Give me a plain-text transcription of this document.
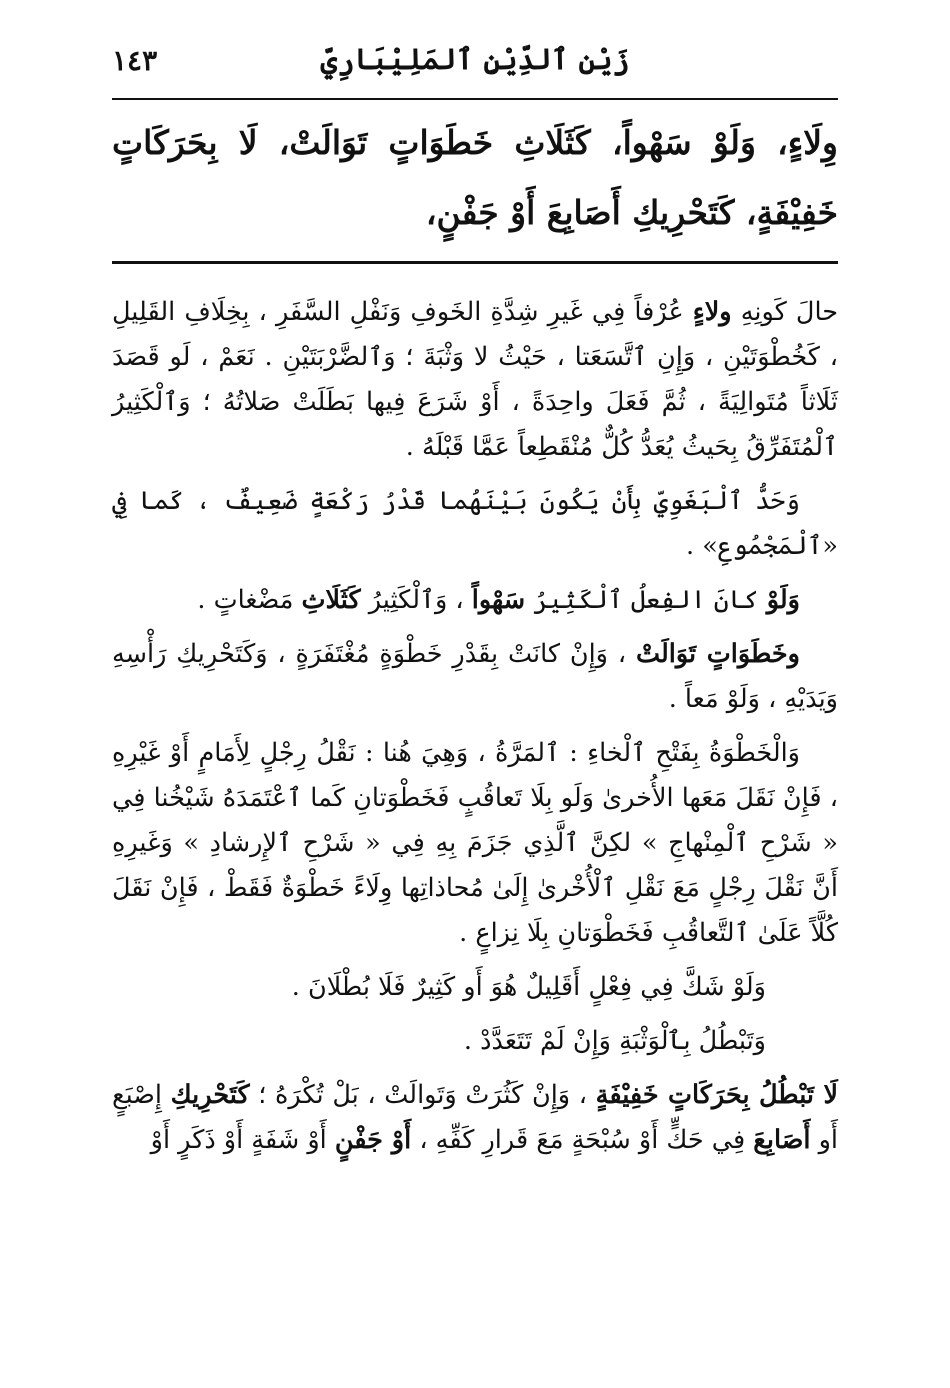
١٤٣	زَيْن ٱلدِّيْنِ ٱلمَلِيْبَارِيّ
وِلَاءٍ، وَلَوْ سَهْواً، كَثَلَاثِ خَطَوَاتٍ تَوَالَتْ، لَا بِحَرَكَاتٍ خَفِيْفَةٍ، كَتَحْرِيكِ أَصَابِعَ أَوْ جَفْنٍ،

حالَ كَونِهِ ولاءٍ عُرْفاً فِي غَيرِ شِدَّةِ الخَوفِ وَنَفْلِ السَّفَرِ ، بِخِلَافِ القَلِيلِ ، كَخُطْوَتَيْنِ ، وَإِنِ ٱتَّسَعَتا ، حَيْثُ لا وَثْبَةَ ؛ وَٱلضَّرْبَتَيْنِ . نَعَمْ ، لَو قَصَدَ ثَلَاثاً مُتَوالِيَةً ، ثُمَّ فَعَلَ واحِدَةً ، أَوْ شَرَعَ فِيها بَطَلَتْ صَلاتُهُ ؛ وَٱلْكَثِيرُ ٱلْمُتَفَرِّقُ بِحَيثُ يُعَدُّ كُلٌّ مُنْقَطِعاً عَمَّا قَبْلَهُ .

وَحَدُّ ٱلْبَغَوِيِّ بِأَنْ يَكُونَ بَيْنَهُما قَدْرُ رَكْعَةٍ ضَعِيفٌ ، كَما فِي «ٱلْمَجْمُوعِ» .

وَلَوْ كانَ الفِعلُ ٱلْكَثِيرُ سَهْواً ، وَٱلْكَثِيرُ كَثَلَاثِ مَضْغاتٍ .

وخَطَوَاتٍ تَوَالَتْ ، وَإِنْ كانَتْ بِقَدْرِ خَطْوَةٍ مُغْتَفَرَةٍ ، وَكَتَحْرِيكِ رَأْسِهِ وَيَدَيْهِ ، وَلَوْ مَعاً .

وَالْخَطْوَةُ بِفَتْحِ ٱلْخاءِ : ٱلمَرَّةُ ، وَهِيَ هُنا : نَقْلُ رِجْلٍ لِأَمَامٍ أَوْ غَيْرِهِ ، فَإِنْ نَقَلَ مَعَها الأُخرىٰ وَلَو بِلَا تَعاقُبٍ فَخَطْوَتانِ كَما ٱعْتَمَدَهُ شَيْخُنا فِي « شَرْحِ ٱلْمِنْهاجِ » لكِنَّ ٱلَّذِي جَزَمَ بِهِ فِي « شَرْحِ ٱلإِرشادِ » وَغَيرِهِ أَنَّ نَقْلَ رِجْلٍ مَعَ نَقْلِ ٱلْأُخْرىٰ إِلَىٰ مُحاذاتِها وِلَاءً خَطْوَةٌ فَقَطْ ، فَإِنْ نَقَلَ كُلَّاً عَلَىٰ ٱلتَّعاقُبِ فَخَطْوَتانِ بِلَا نِزاعٍ .

وَلَوْ شَكَّ فِي فِعْلٍ أَقَلِيلٌ هُوَ أَو كَثِيرٌ فَلَا بُطْلَانَ .

وَتَبْطُلُ بِٱلْوَثْبَةِ وَإِنْ لَمْ تَتَعَدَّدْ .

لَا تَبْطُلُ بِحَرَكَاتٍ خَفِيْفَةٍ ، وَإِنْ كَثُرَتْ وَتَوالَتْ ، بَلْ تُكْرَهُ ؛ كَتَحْرِيكِ إِصْبَعٍ أَو أَصَابِعَ فِي حَكٍّ أَوْ سُبْحَةٍ مَعَ قَرارِ كَفِّهِ ، أَوْ جَفْنٍ أَوْ شَفَةٍ أَوْ ذَكَرٍ أَوْ
